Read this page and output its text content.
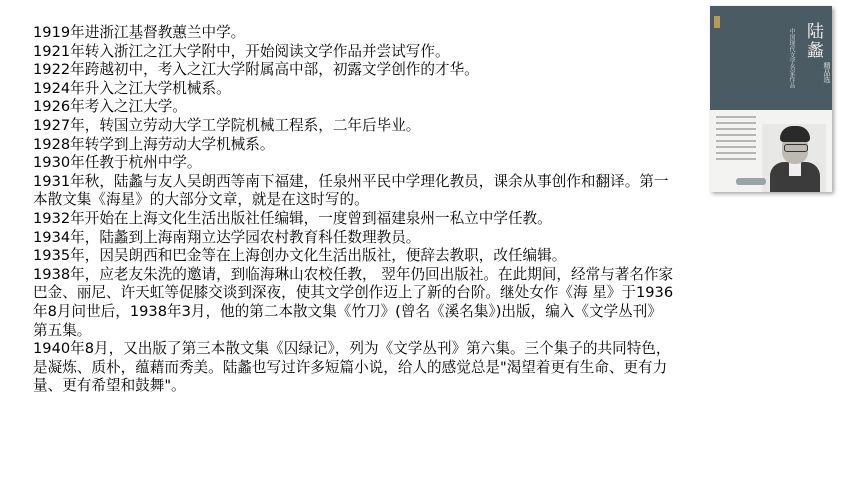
1919年进浙江基督教蕙兰中学。

1921年转入浙江之江大学附中，开始阅读文学作品并尝试写作。

1922年跨越初中，考入之江大学附属高中部，初露文学创作的才华。

1924年升入之江大学机械系。

1926年考入之江大学。

1927年，转国立劳动大学工学院机械工程系，二年后毕业。

1928年转学到上海劳动大学机械系。

1930年任教于杭州中学。

1931年秋，陆蠡与友人吴朗西等南下福建，任泉州平民中学理化教员，课余从事创作和翻译。第一

本散文集《海星》的大部分文章，就是在这时写的。

1932年开始在上海文化生活出版社任编辑，一度曾到福建泉州一私立中学任教。

1934年，陆蠡到上海南翔立达学园农村教育科任数理教员。

1935年，因吴朗西和巴金等在上海创办文化生活出版社，便辞去教职，改任编辑。

1938年，应老友朱洗的邀请，到临海琳山农校任教， 翌年仍回出版社。在此期间，经常与著名作家

巴金、丽尼、许天虹等促膝交谈到深夜，使其文学创作迈上了新的台阶。继处女作《海 星》于1936

年8月问世后，1938年3月，他的第二本散文集《竹刀》(曾名《溪名集》)出版，编入《文学丛刊》

第五集。

1940年8月，又出版了第三本散文集《囚绿记》，列为《文学丛刊》第六集。三个集子的共同特色，

是凝炼、质朴，蕴藉而秀美。陆蠡也写过许多短篇小说，给人的感觉总是"渴望着更有生命、更有力

量、更有希望和鼓舞"。

陆蠡
中国现代文学名家作品	精品选
